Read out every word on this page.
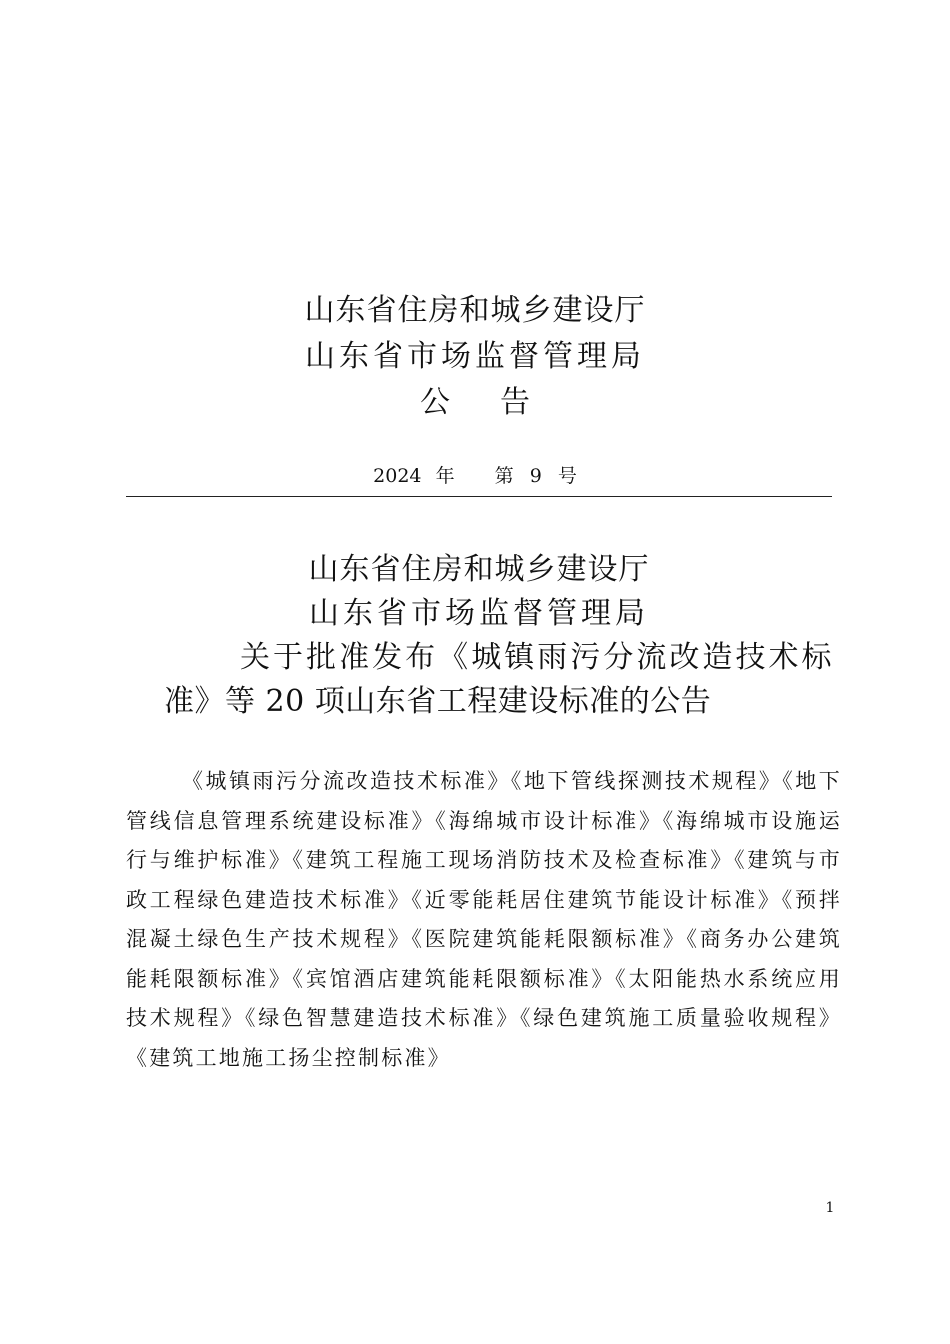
山东省住房和城乡建设厅
山东省市场监督管理局
公告
2024 年 第 9 号
山东省住房和城乡建设厅
山东省市场监督管理局
关于批准发布《城镇雨污分流改造技术标准》等 20 项山东省工程建设标准的公告

《城镇雨污分流改造技术标准》《地下管线探测技术规程》《地下管线信息管理系统建设标准》《海绵城市设计标准》《海绵城市设施运行与维护标准》《建筑工程施工现场消防技术及检查标准》《建筑与市政工程绿色建造技术标准》《近零能耗居住建筑节能设计标准》《预拌混凝土绿色生产技术规程》《医院建筑能耗限额标准》《商务办公建筑能耗限额标准》《宾馆酒店建筑能耗限额标准》《太阳能热水系统应用技术规程》《绿色智慧建造技术标准》《绿色建筑施工质量验收规程》《建筑工地施工扬尘控制标准》

1
